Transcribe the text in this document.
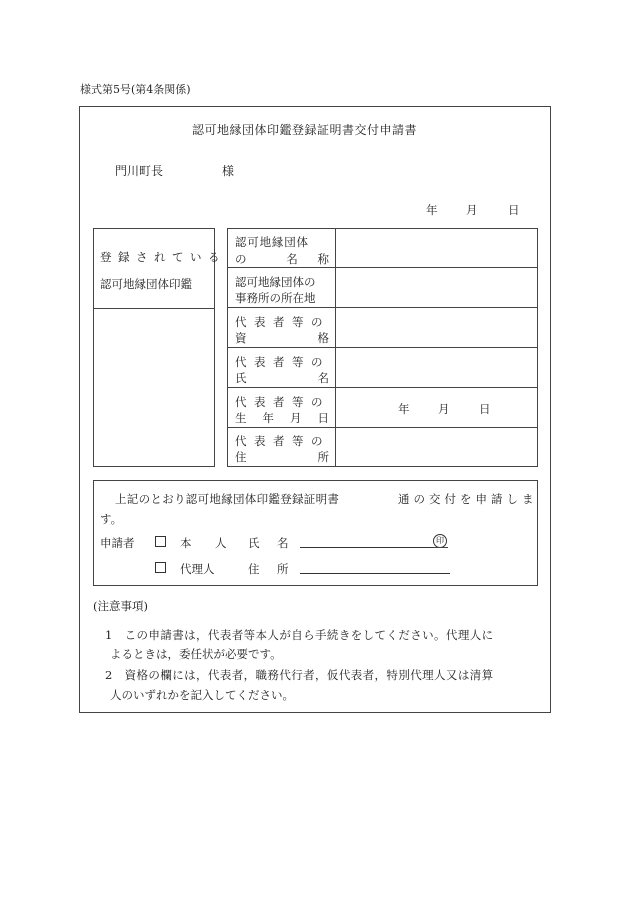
様式第5号(第4条関係)
認可地縁団体印鑑登録証明書交付申請書
門川町長	様
年 月	日
登録されている
認可地縁団体印鑑
認可地縁団体
の	名 称
認可地縁団体の
事務所の所在地
代表者等の
資	格
代表者等の
氏	名
代表者等の
生 年 月 日
年 月	日
代表者等の
住	所
上記のとおり認可地縁団体印鑑登録証明書	通の交付を申請しま
す。
申請者	本　人 氏　名	印
代理人	住　所
(注意事項)
1　この申請書は，代表者等本人が自ら手続きをしてください。代理人に
よるときは，委任状が必要です。
2　資格の欄には，代表者，職務代行者，仮代表者，特別代理人又は清算
人のいずれかを記入してください。
